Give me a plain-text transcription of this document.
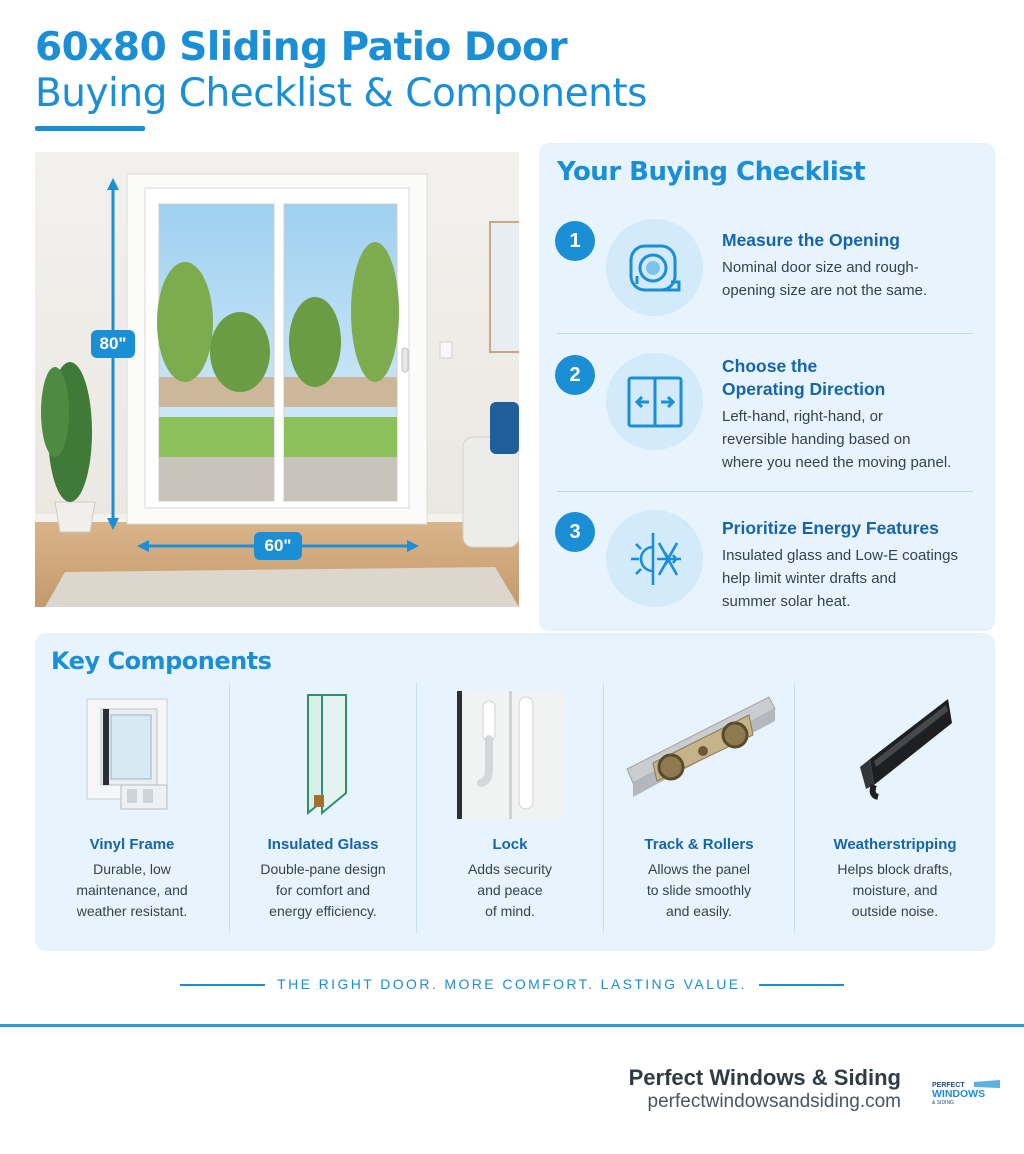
60x80 Sliding Patio Door
Buying Checklist & Components
80"
60"
Your Buying Checklist
1	Measure the Opening
Nominal door size and rough-
opening size are not the same.
2	Choose the
Operating Direction
Left-hand, right-hand, or
reversible handing based on
where you need the moving panel.
3	Prioritize Energy Features
Insulated glass and Low-E coatings
help limit winter drafts and
summer solar heat.
Key Components
Vinyl Frame
Durable, low
maintenance, and
weather resistant.
Insulated Glass
Double-pane design
for comfort and
energy efficiency.
Lock
Adds security
and peace
of mind.
Track & Rollers
Allows the panel
to slide smoothly
and easily.
Weatherstripping
Helps block drafts,
moisture, and
outside noise.
THE RIGHT DOOR. MORE COMFORT. LASTING VALUE.
Perfect Windows & Siding
perfectwindowsandsiding.com
PERFECT
WINDOWS
& SIDING
